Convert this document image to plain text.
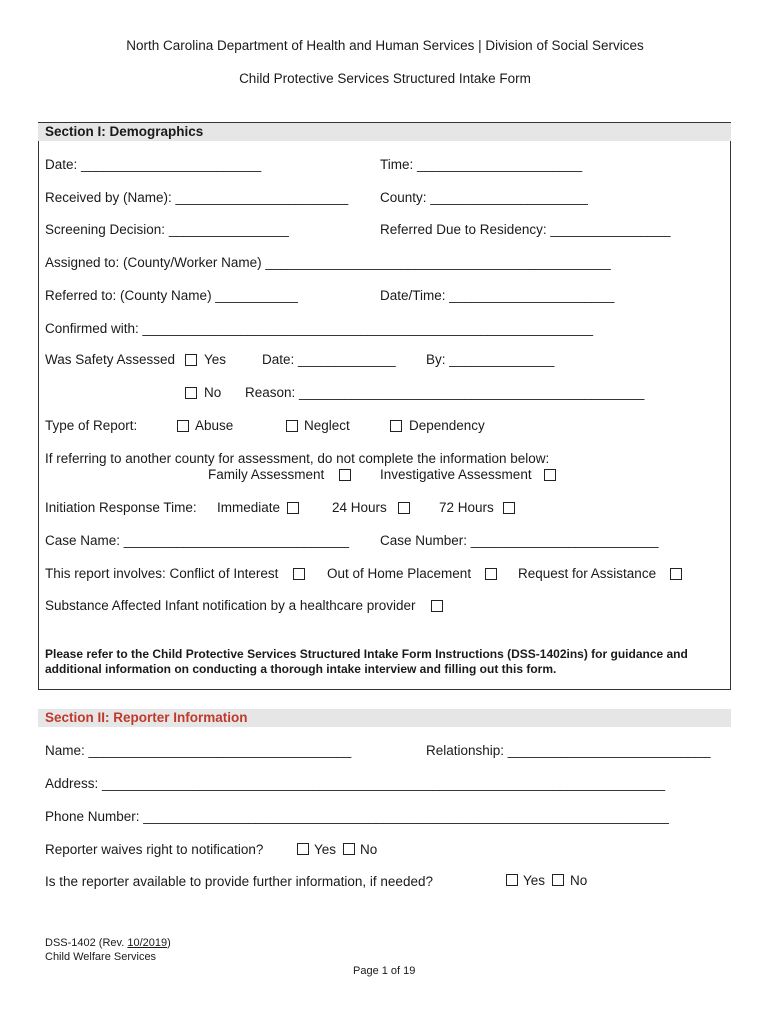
North Carolina Department of Health and Human Services | Division of Social Services
Child Protective Services Structured Intake Form
Section I: Demographics
Date: ________________________	Time: ______________________
Received by (Name): _______________________ County: _____________________
Screening Decision: ________________	Referred Due to Residency: ________________
Assigned to: (County/Worker Name) ______________________________________________
Referred to: (County Name) ___________	Date/Time: ______________________
Confirmed with: ____________________________________________________________
Was Safety Assessed Yes	Date: _____________ By: ______________
No Reason: ______________________________________________
Type of Report:	Abuse	Neglect	Dependency
If referring to another county for assessment, do not complete the information below:
Family Assessment	Investigative Assessment
Initiation Response Time: Immediate	24 Hours	72 Hours
Case Name: ______________________________ Case Number: _________________________
This report involves: Conflict of Interest	Out of Home Placement	Request for Assistance
Substance Affected Infant notification by a healthcare provider
Please refer to the Child Protective Services Structured Intake Form Instructions (DSS-1402ins) for guidance and
additional information on conducting a thorough intake interview and filling out this form.
Section II: Reporter Information
Name: ___________________________________	Relationship: ___________________________
Address: ___________________________________________________________________________
Phone Number: ______________________________________________________________________
Reporter waives right to notification?	Yes No
Is the reporter available to provide further information, if needed?	Yes No
DSS-1402 (Rev. 10/2019)
Child Welfare Services
Page 1 of 19
